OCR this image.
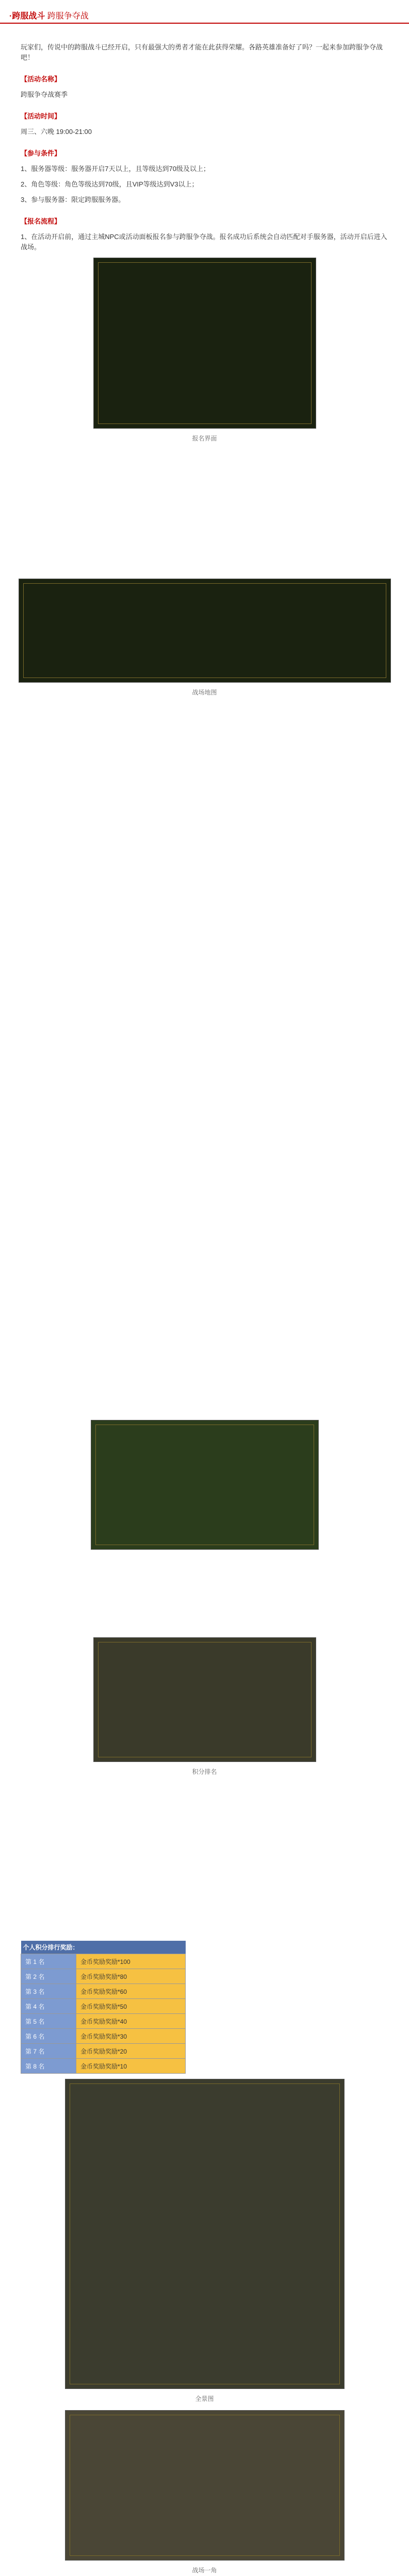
·跨服战斗 跨服争夺战

玩家们，传说中的跨服战斗已经开启，只有最强大的勇者才能在此获得荣耀。各路英雄准备好了吗？一起来参加跨服争夺战吧！

【活动名称】

跨服争夺战赛季

【活动时间】

周三、六晚 19:00-21:00

【参与条件】

1、服务器等级：服务器开启7天以上，且等级达到70级及以上；

2、角色等级：角色等级达到70级，且VIP等级达到V3以上；

3、参与服务器：限定跨服服务器。

【报名流程】

1、在活动开启前，通过主城NPC或活动面板报名参与跨服争夺战。报名成功后系统会自动匹配对手服务器，活动开启后进入战场。

报名界面
战场地图
积分排名
个人积分排行奖励：	
第 1 名	金币奖励奖励*100
第 2 名	金币奖励奖励*80
第 3 名	金币奖励奖励*60
第 4 名	金币奖励奖励*50
第 5 名	金币奖励奖励*40
第 6 名	金币奖励奖励*30
第 7 名	金币奖励奖励*20
第 8 名	金币奖励奖励*10
全景图
战场一角
